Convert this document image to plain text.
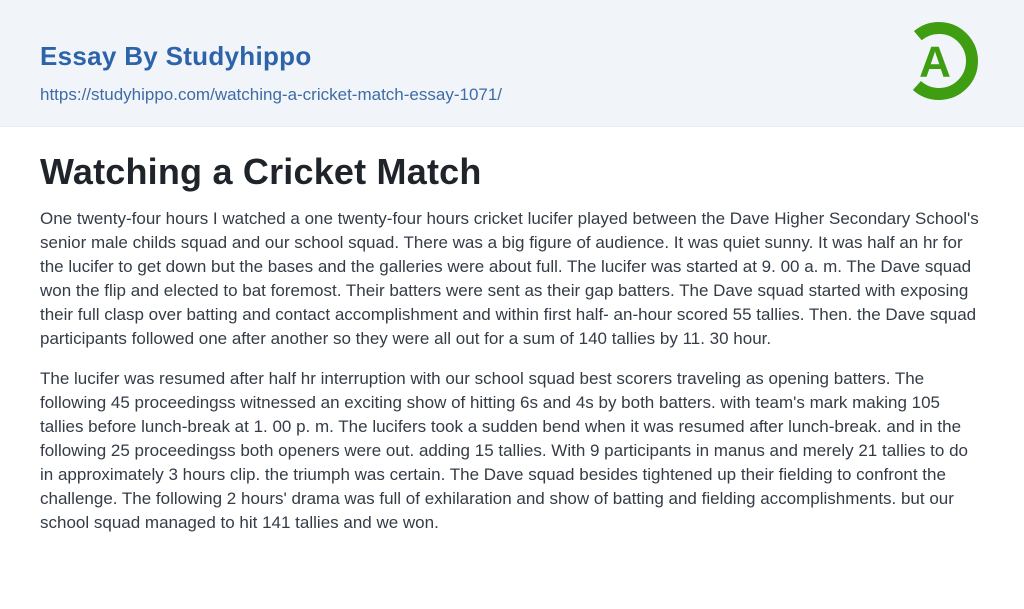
Essay By Studyhippo
https://studyhippo.com/watching-a-cricket-match-essay-1071/
A
Watching a Cricket Match

One twenty-four hours I watched a one twenty-four hours cricket lucifer played between the Dave Higher Secondary School's senior male childs squad and our school squad. There was a big figure of audience. It was quiet sunny. It was half an hr for the lucifer to get down but the bases and the galleries were about full. The lucifer was started at 9. 00 a. m. The Dave squad won the flip and elected to bat foremost. Their batters were sent as their gap batters. The Dave squad started with exposing their full clasp over batting and contact accomplishment and within first half- an-hour scored 55 tallies. Then. the Dave squad participants followed one after another so they were all out for a sum of 140 tallies by 11. 30 hour.

The lucifer was resumed after half hr interruption with our school squad best scorers traveling as opening batters. The following 45 proceedingss witnessed an exciting show of hitting 6s and 4s by both batters. with team's mark making 105 tallies before lunch-break at 1. 00 p. m. The lucifers took a sudden bend when it was resumed after lunch-break. and in the following 25 proceedingss both openers were out. adding 15 tallies. With 9 participants in manus and merely 21 tallies to do in approximately 3 hours clip. the triumph was certain. The Dave squad besides tightened up their fielding to confront the challenge. The following 2 hours' drama was full of exhilaration and show of batting and fielding accomplishments. but our school squad managed to hit 141 tallies and we won.
